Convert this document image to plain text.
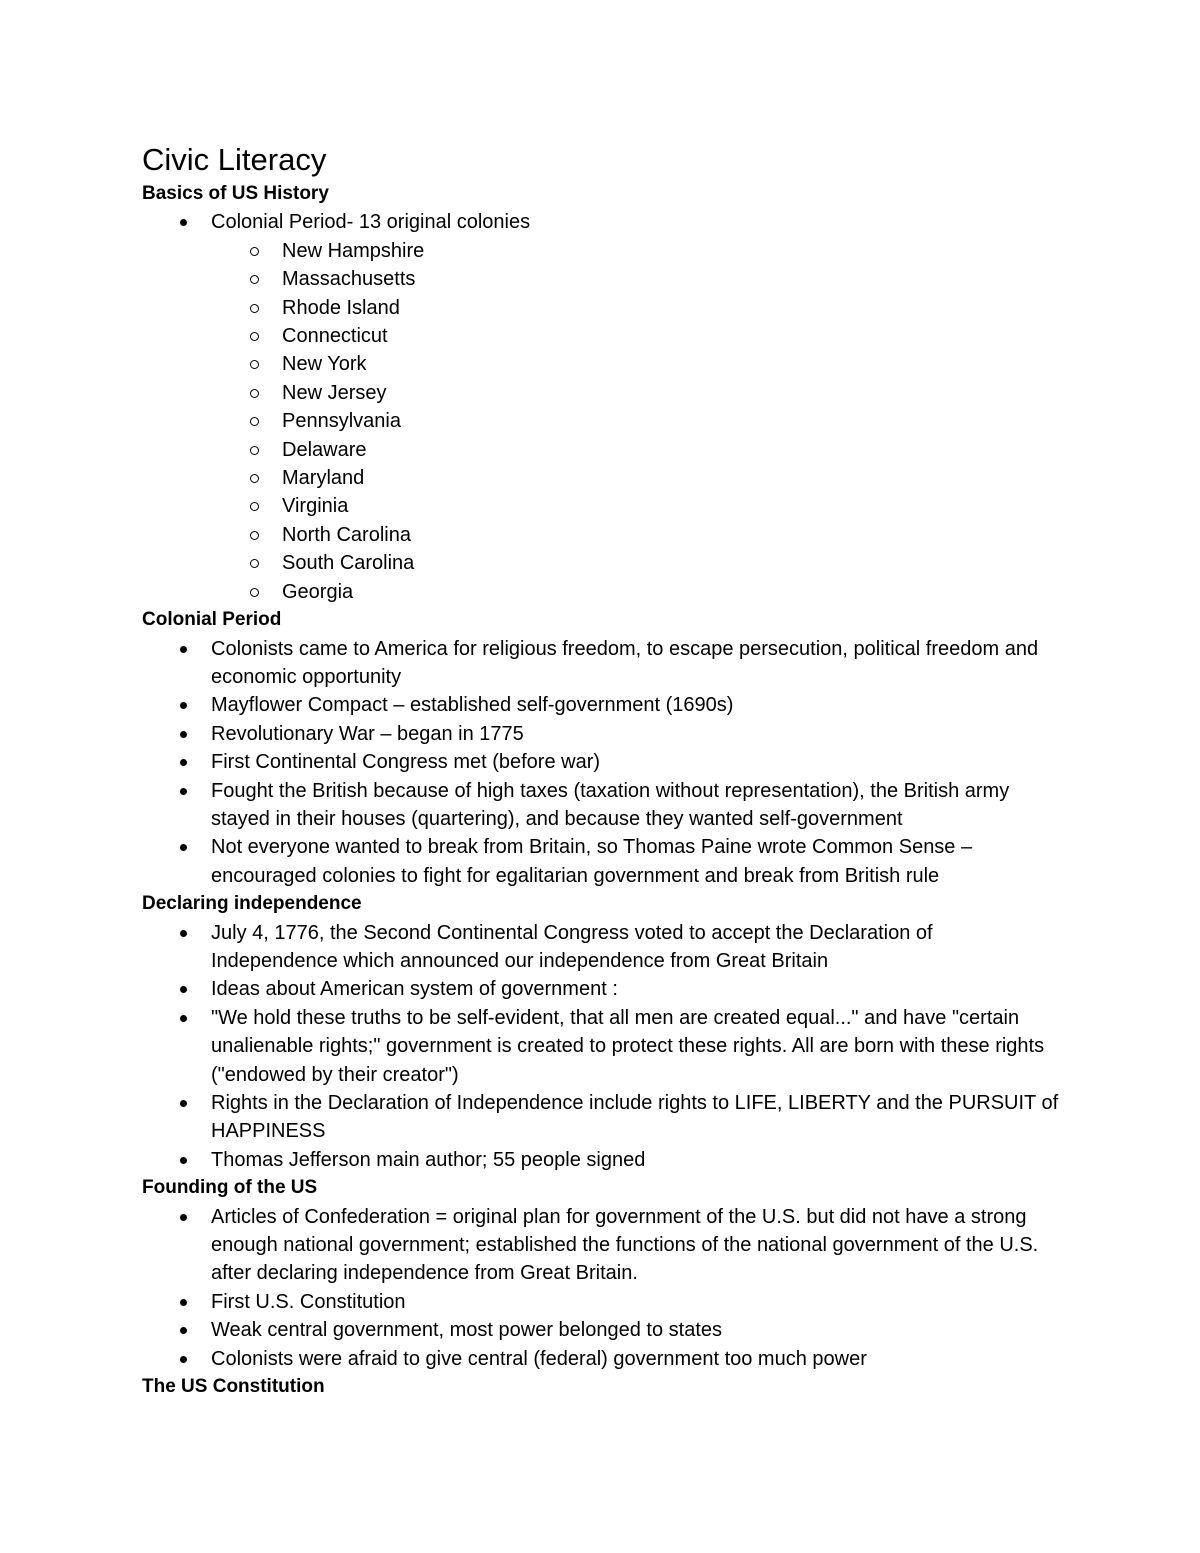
Civic Literacy
Basics of US History
Colonial Period- 13 original colonies
New Hampshire
Massachusetts
Rhode Island
Connecticut
New York
New Jersey
Pennsylvania
Delaware
Maryland
Virginia
North Carolina
South Carolina
Georgia
Colonial Period
Colonists came to America for religious freedom, to escape persecution, political freedom and economic opportunity
Mayflower Compact – established self-government (1690s)
Revolutionary War – began in 1775
First Continental Congress met (before war)
Fought the British because of high taxes (taxation without representation), the British army stayed in their houses (quartering), and because they wanted self-government
Not everyone wanted to break from Britain, so Thomas Paine wrote Common Sense – encouraged colonies to fight for egalitarian government and break from British rule
Declaring independence
July 4, 1776, the Second Continental Congress voted to accept the Declaration of Independence which announced our independence from Great Britain
Ideas about American system of government :
"We hold these truths to be self-evident, that all men are created equal..." and have "certain unalienable rights;" government is created to protect these rights. All are born with these rights ("endowed by their creator")
Rights in the Declaration of Independence include rights to LIFE, LIBERTY and the PURSUIT of HAPPINESS
Thomas Jefferson main author; 55 people signed
Founding of the US
Articles of Confederation = original plan for government of the U.S. but did not have a strong enough national government; established the functions of the national government of the U.S. after declaring independence from Great Britain.
First U.S. Constitution
Weak central government, most power belonged to states
Colonists were afraid to give central (federal) government too much power
The US Constitution
